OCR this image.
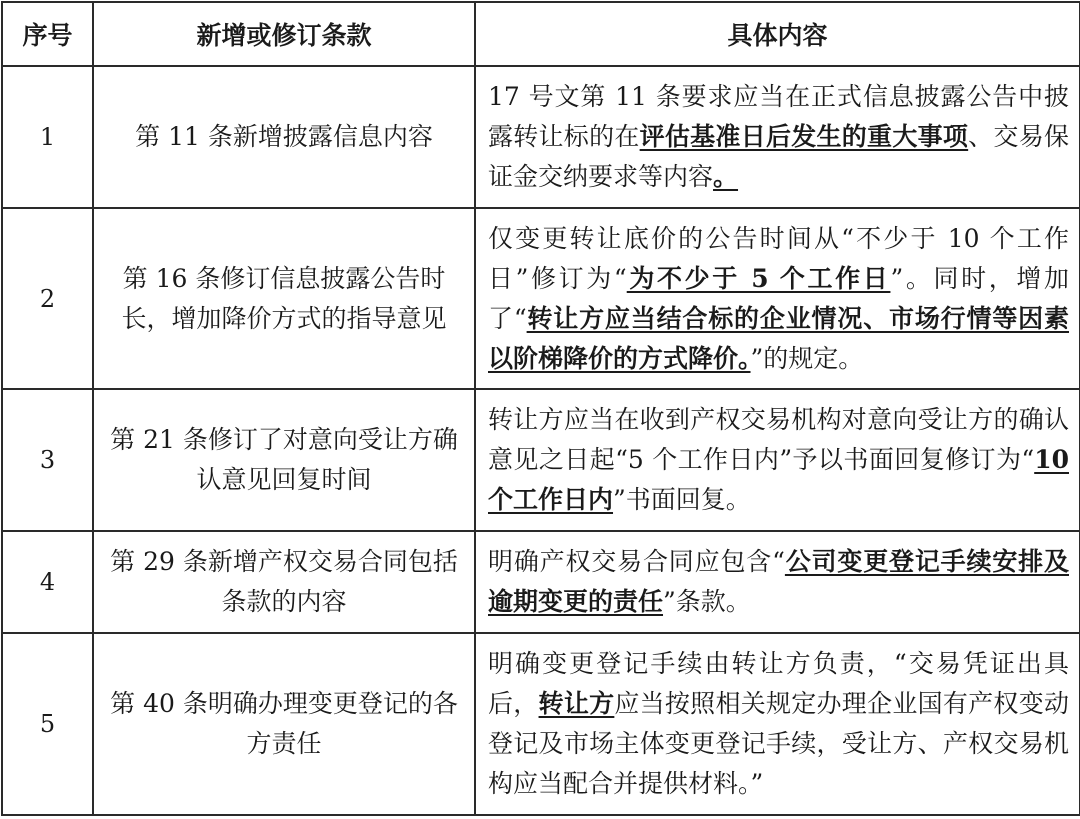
序号	新增或修订条款	具体内容
1	第 11 条新增披露信息内容	17 号文第 11 条要求应当在正式信息披露公告中披露转让标的在评估基准日后发生的重大事项、交易保证金交纳要求等内容。
2	第 16 条修订信息披露公告时长，增加降价方式的指导意见	仅变更转让底价的公告时间从“不少于 10 个工作日”修订为“为不少于 5 个工作日”。同时，增加了“转让方应当结合标的企业情况、市场行情等因素以阶梯降价的方式降价。”的规定。
3	第 21 条修订了对意向受让方确认意见回复时间	转让方应当在收到产权交易机构对意向受让方的确认意见之日起“5 个工作日内”予以书面回复修订为“10 个工作日内”书面回复。
4	第 29 条新增产权交易合同包括条款的内容	明确产权交易合同应包含“公司变更登记手续安排及逾期变更的责任”条款。
5	第 40 条明确办理变更登记的各方责任	明确变更登记手续由转让方负责，“交易凭证出具后，转让方应当按照相关规定办理企业国有产权变动登记及市场主体变更登记手续，受让方、产权交易机构应当配合并提供材料。”
